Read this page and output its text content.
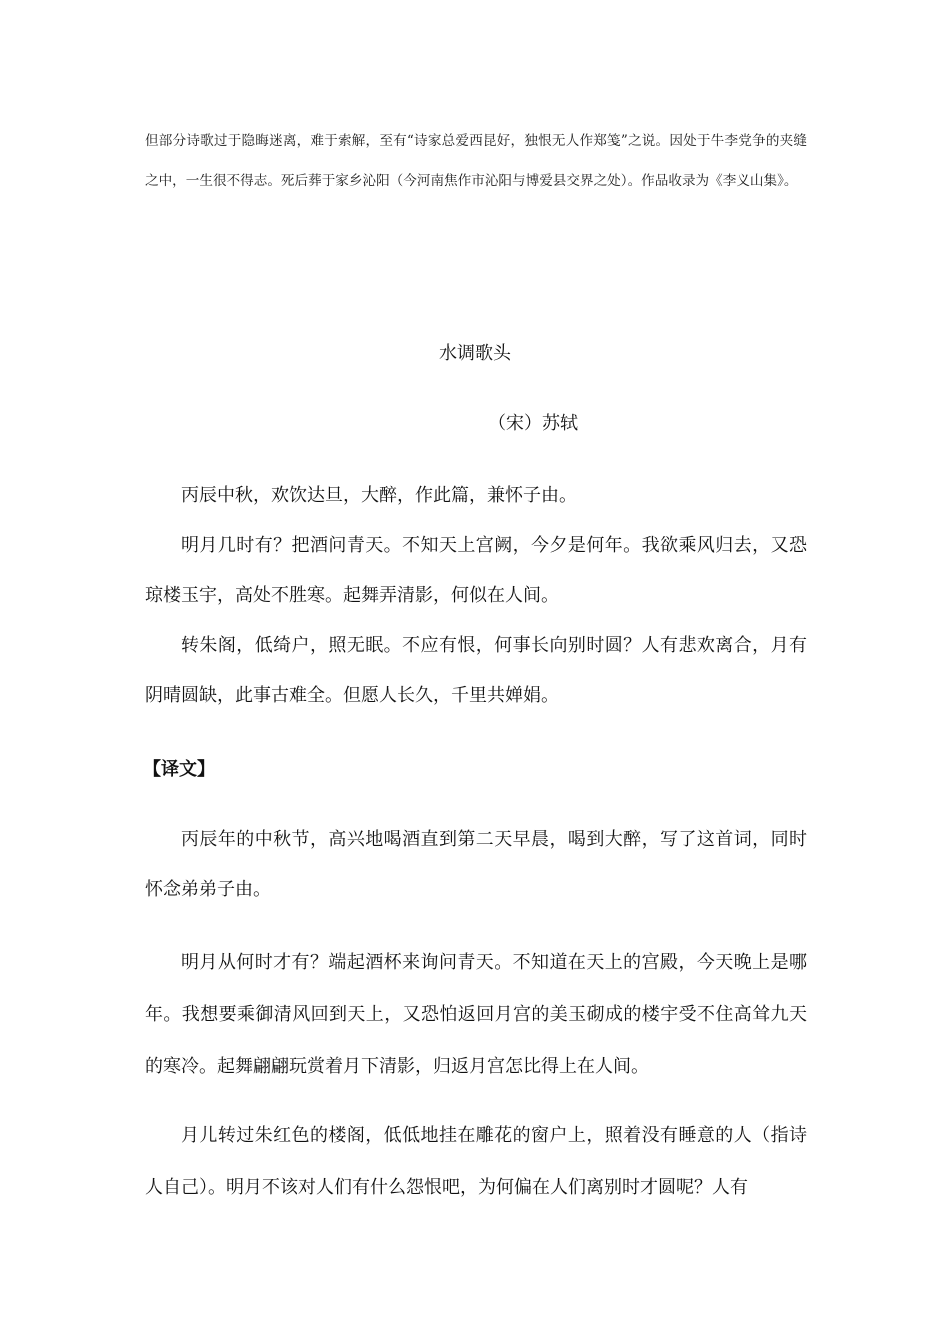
但部分诗歌过于隐晦迷离，难于索解，至有“诗家总爱西昆好，独恨无人作郑笺”之说。因处于牛李党争的夹缝之中，一生很不得志。死后葬于家乡沁阳（今河南焦作市沁阳与博爱县交界之处）。作品收录为《李义山集》。
水调歌头
（宋）苏轼

丙辰中秋，欢饮达旦，大醉，作此篇，兼怀子由。

明月几时有？把酒问青天。不知天上宫阙，今夕是何年。我欲乘风归去，又恐琼楼玉宇，高处不胜寒。起舞弄清影，何似在人间。

转朱阁，低绮户，照无眠。不应有恨，何事长向别时圆？人有悲欢离合，月有阴晴圆缺，此事古难全。但愿人长久，千里共婵娟。

【译文】

丙辰年的中秋节，高兴地喝酒直到第二天早晨，喝到大醉，写了这首词，同时怀念弟弟子由。

明月从何时才有？端起酒杯来询问青天。不知道在天上的宫殿，今天晚上是哪年。我想要乘御清风回到天上，又恐怕返回月宫的美玉砌成的楼宇受不住高耸九天的寒冷。起舞翩翩玩赏着月下清影，归返月宫怎比得上在人间。

月儿转过朱红色的楼阁，低低地挂在雕花的窗户上，照着没有睡意的人（指诗人自己）。明月不该对人们有什么怨恨吧，为何偏在人们离别时才圆呢？人有
